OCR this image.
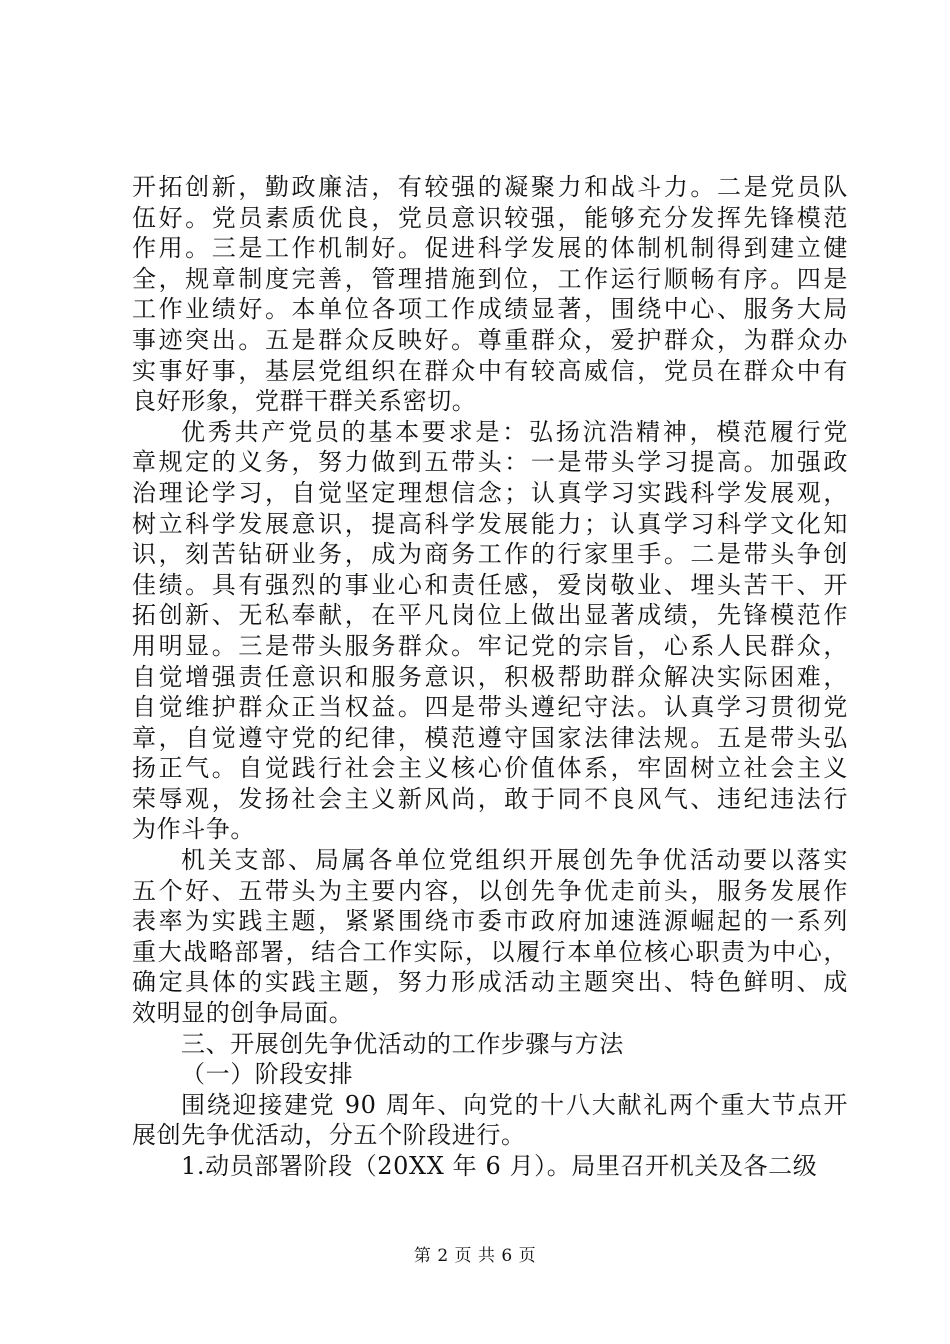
开拓创新，勤政廉洁，有较强的凝聚力和战斗力。二是党员队
伍好。党员素质优良，党员意识较强，能够充分发挥先锋模范
作用。三是工作机制好。促进科学发展的体制机制得到建立健
全，规章制度完善，管理措施到位，工作运行顺畅有序。四是
工作业绩好。本单位各项工作成绩显著，围绕中心、服务大局
事迹突出。五是群众反映好。尊重群众，爱护群众，为群众办
实事好事，基层党组织在群众中有较高威信，党员在群众中有
良好形象，党群干群关系密切。
优秀共产党员的基本要求是：弘扬沆浩精神，模范履行党
章规定的义务，努力做到五带头：一是带头学习提高。加强政
治理论学习，自觉坚定理想信念；认真学习实践科学发展观，
树立科学发展意识，提高科学发展能力；认真学习科学文化知
识，刻苦钻研业务，成为商务工作的行家里手。二是带头争创
佳绩。具有强烈的事业心和责任感，爱岗敬业、埋头苦干、开
拓创新、无私奉献，在平凡岗位上做出显著成绩，先锋模范作
用明显。三是带头服务群众。牢记党的宗旨，心系人民群众，
自觉增强责任意识和服务意识，积极帮助群众解决实际困难，
自觉维护群众正当权益。四是带头遵纪守法。认真学习贯彻党
章，自觉遵守党的纪律，模范遵守国家法律法规。五是带头弘
扬正气。自觉践行社会主义核心价值体系，牢固树立社会主义
荣辱观，发扬社会主义新风尚，敢于同不良风气、违纪违法行
为作斗争。
机关支部、局属各单位党组织开展创先争优活动要以落实
五个好、五带头为主要内容，以创先争优走前头，服务发展作
表率为实践主题，紧紧围绕市委市政府加速涟源崛起的一系列
重大战略部署，结合工作实际，以履行本单位核心职责为中心，
确定具体的实践主题，努力形成活动主题突出、特色鲜明、成
效明显的创争局面。
三、开展创先争优活动的工作步骤与方法
（一）阶段安排
围绕迎接建党 90 周年、向党的十八大献礼两个重大节点开
展创先争优活动，分五个阶段进行。
1.动员部署阶段（20XX 年 6 月）。局里召开机关及各二级
第 2 页 共 6 页
